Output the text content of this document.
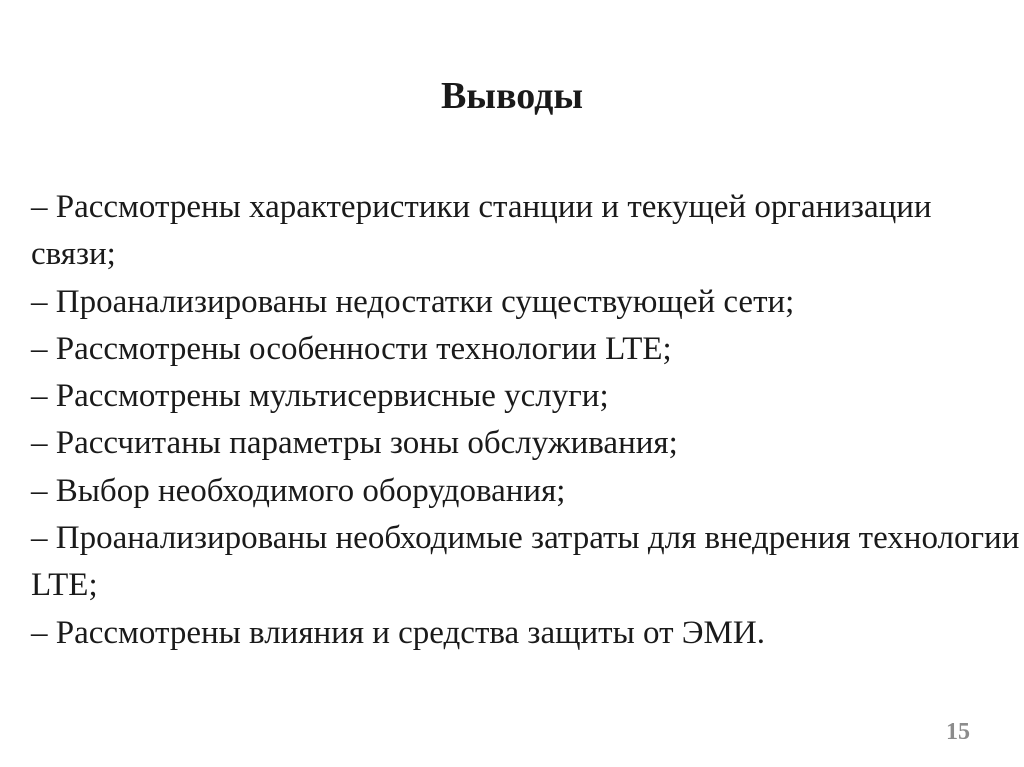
Выводы
– Рассмотрены характеристики станции и текущей организации связи;
– Проанализированы недостатки существующей сети;
– Рассмотрены особенности технологии LTE;
– Рассмотрены мультисервисные услуги;
– Рассчитаны параметры зоны обслуживания;
– Выбор необходимого оборудования;
– Проанализированы необходимые затраты для внедрения технологии LTE;
– Рассмотрены влияния и средства защиты от ЭМИ.
15
